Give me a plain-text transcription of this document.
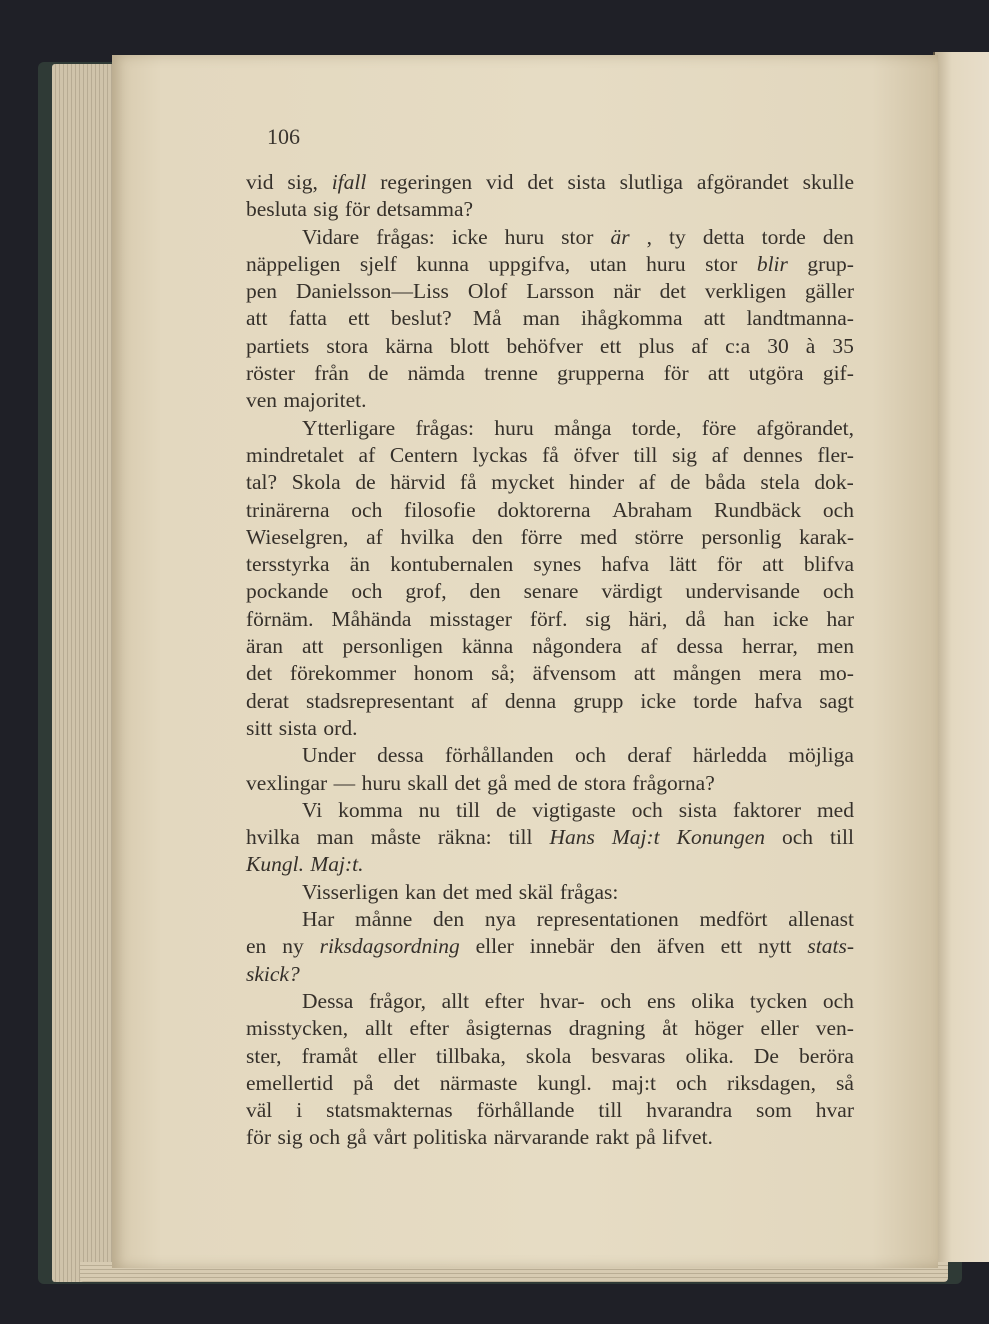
106
vid sig, ifall regeringen vid det sista slutliga afgörandet skulle
besluta sig för detsamma?
Vidare frågas: icke huru stor är , ty detta torde den
näppeligen sjelf kunna uppgifva, utan huru stor blir grup-
pen Danielsson—Liss Olof Larsson när det verkligen gäller
att fatta ett beslut? Må man ihågkomma att landtmanna-
partiets stora kärna blott behöfver ett plus af c:a 30 à 35
röster från de nämda trenne grupperna för att utgöra gif-
ven majoritet.
Ytterligare frågas: huru många torde, före afgörandet,
mindretalet af Centern lyckas få öfver till sig af dennes fler-
tal? Skola de härvid få mycket hinder af de båda stela dok-
trinärerna och filosofie doktorerna Abraham Rundbäck och
Wieselgren, af hvilka den förre med större personlig karak-
tersstyrka än kontubernalen synes hafva lätt för att blifva
pockande och grof, den senare värdigt undervisande och
förnäm. Måhända misstager förf. sig häri, då han icke har
äran att personligen känna någondera af dessa herrar, men
det förekommer honom så; äfvensom att mången mera mo-
derat stadsrepresentant af denna grupp icke torde hafva sagt
sitt sista ord.
Under dessa förhållanden och deraf härledda möjliga
vexlingar — huru skall det gå med de stora frågorna?
Vi komma nu till de vigtigaste och sista faktorer med
hvilka man måste räkna: till Hans Maj:t Konungen och till
Kungl. Maj:t.
Visserligen kan det med skäl frågas:
Har månne den nya representationen medfört allenast
en ny riksdagsordning eller innebär den äfven ett nytt stats-
skick?
Dessa frågor, allt efter hvar- och ens olika tycken och
misstycken, allt efter åsigternas dragning åt höger eller ven-
ster, framåt eller tillbaka, skola besvaras olika. De beröra
emellertid på det närmaste kungl. maj:t och riksdagen, så
väl i statsmakternas förhållande till hvarandra som hvar
för sig och gå vårt politiska närvarande rakt på lifvet.
